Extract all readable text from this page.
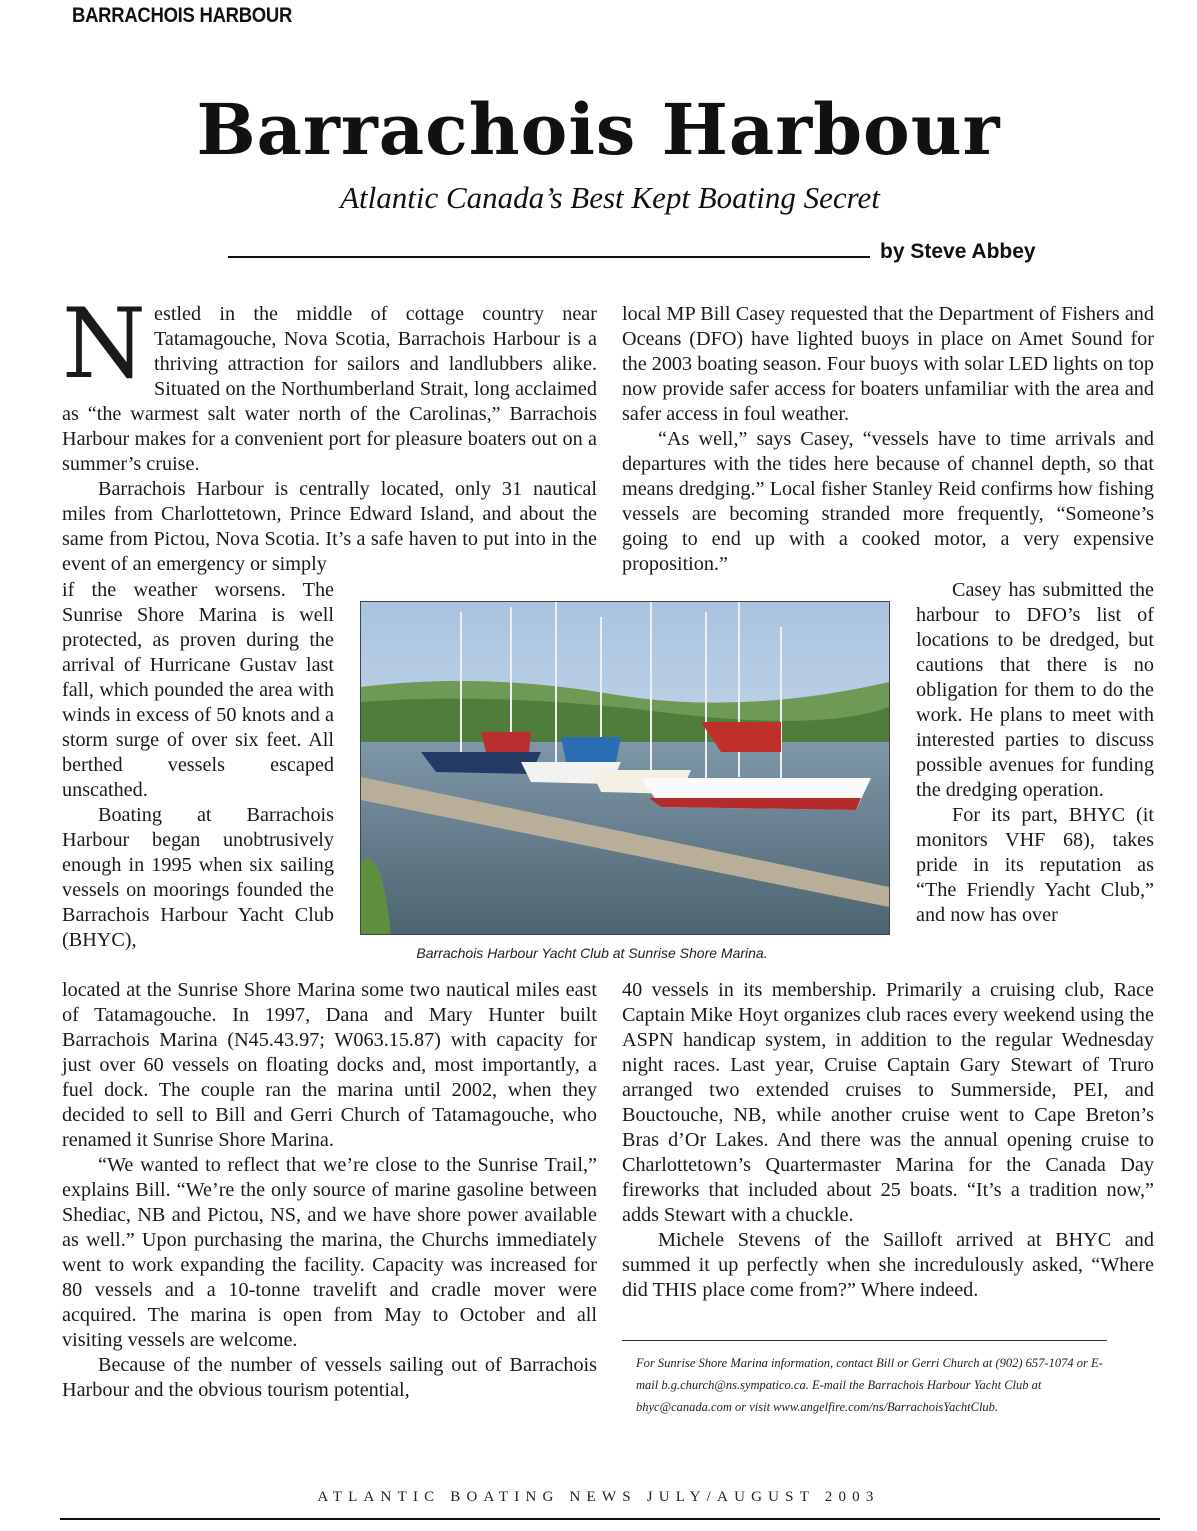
BARRACHOIS HARBOUR
Barrachois Harbour
Atlantic Canada’s Best Kept Boating Secret
by Steve Abbey

Nestled in the middle of cottage country near Tatamagouche, Nova Scotia, Barrachois Harbour is a thriving attraction for sailors and landlubbers alike. Situated on the Northumberland Strait, long acclaimed as “the warmest salt water north of the Carolinas,” Barrachois Harbour makes for a convenient port for pleasure boaters out on a summer’s cruise.

Barrachois Harbour is centrally located, only 31 nautical miles from Charlottetown, Prince Edward Island, and about the same from Pictou, Nova Scotia. It’s a safe haven to put into in the event of an emergency or simply

if the weather worsens. The Sunrise Shore Marina is well protected, as proven during the arrival of Hurricane Gustav last fall, which pounded the area with winds in excess of 50 knots and a storm surge of over six feet. All berthed vessels escaped unscathed.

Boating at Barrachois Harbour began unobtrusively enough in 1995 when six sailing vessels on moorings founded the Barrachois Harbour Yacht Club (BHYC),

located at the Sunrise Shore Marina some two nautical miles east of Tatamagouche. In 1997, Dana and Mary Hunter built Barrachois Marina (N45.43.97; W063.15.87) with capacity for just over 60 vessels on floating docks and, most importantly, a fuel dock. The couple ran the marina until 2002, when they decided to sell to Bill and Gerri Church of Tatamagouche, who renamed it Sunrise Shore Marina.

“We wanted to reflect that we’re close to the Sunrise Trail,” explains Bill. “We’re the only source of marine gasoline between Shediac, NB and Pictou, NS, and we have shore power available as well.” Upon purchasing the marina, the Churchs immediately went to work expanding the facility. Capacity was increased for 80 vessels and a 10-tonne travelift and cradle mover were acquired. The marina is open from May to October and all visiting vessels are welcome.

Because of the number of vessels sailing out of Barrachois Harbour and the obvious tourism potential,

local MP Bill Casey requested that the Department of Fishers and Oceans (DFO) have lighted buoys in place on Amet Sound for the 2003 boating season. Four buoys with solar LED lights on top now provide safer access for boaters unfamiliar with the area and safer access in foul weather.

“As well,” says Casey, “vessels have to time arrivals and departures with the tides here because of channel depth, so that means dredging.” Local fisher Stanley Reid confirms how fishing vessels are becoming stranded more frequently, “Someone’s going to end up with a cooked motor, a very expensive proposition.”

Casey has submitted the harbour to DFO’s list of locations to be dredged, but cautions that there is no obligation for them to do the work. He plans to meet with interested parties to discuss possible avenues for funding the dredging operation.

For its part, BHYC (it monitors VHF 68), takes pride in its reputation as “The Friendly Yacht Club,” and now has over

40 vessels in its membership. Primarily a cruising club, Race Captain Mike Hoyt organizes club races every weekend using the ASPN handicap system, in addition to the regular Wednesday night races. Last year, Cruise Captain Gary Stewart of Truro arranged two extended cruises to Summerside, PEI, and Bouctouche, NB, while another cruise went to Cape Breton’s Bras d’Or Lakes. And there was the annual opening cruise to Charlottetown’s Quartermaster Marina for the Canada Day fireworks that included about 25 boats. “It’s a tradition now,” adds Stewart with a chuckle.

Michele Stevens of the Sailloft arrived at BHYC and summed it up perfectly when she incredulously asked, “Where did THIS place come from?” Where indeed.

Barrachois Harbour Yacht Club at Sunrise Shore Marina.
For Sunrise Shore Marina information, contact Bill or Gerri Church at (902) 657-1074 or E-mail b.g.church@ns.sympatico.ca. E-mail the Barrachois Harbour Yacht Club at bhyc@canada.com or visit www.angelfire.com/ns/BarrachoisYachtClub.
ATLANTIC BOATING NEWS JULY/AUGUST 2003
